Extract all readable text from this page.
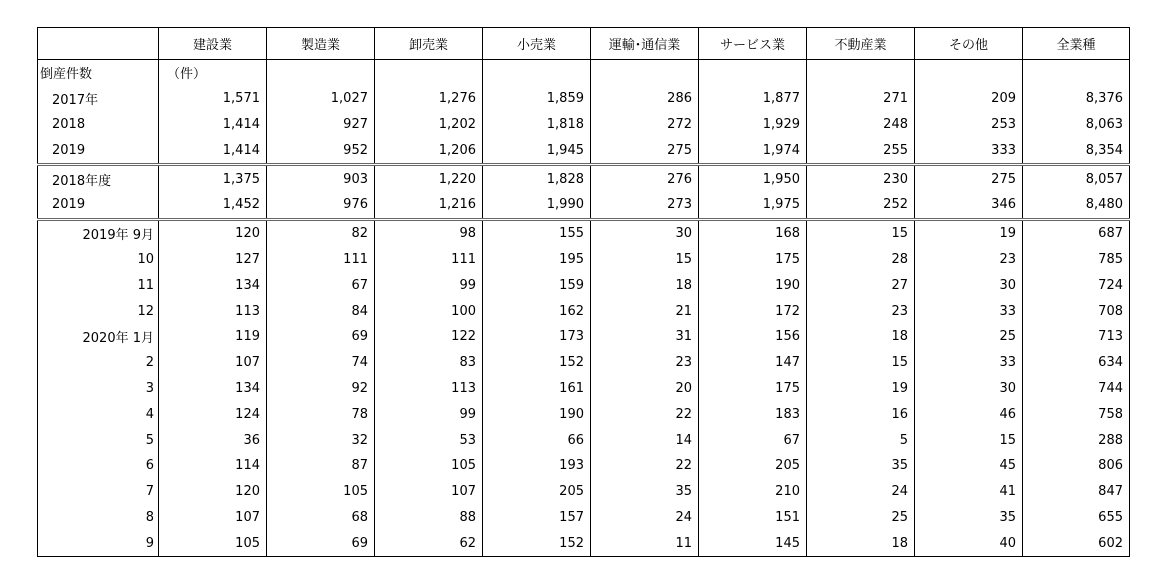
	建設業	製造業	卸売業	小売業	運輸･通信業	サービス業	不動産業	その他	全業種
倒産件数	（件）								
2017年	1,571	1,027	1,276	1,859	286	1,877	271	209	8,376
2018	1,414	927	1,202	1,818	272	1,929	248	253	8,063
2019	1,414	952	1,206	1,945	275	1,974	255	333	8,354
2018年度	1,375	903	1,220	1,828	276	1,950	230	275	8,057
2019	1,452	976	1,216	1,990	273	1,975	252	346	8,480
2019年 9月	120	82	98	155	30	168	15	19	687
10	127	111	111	195	15	175	28	23	785
11	134	67	99	159	18	190	27	30	724
12	113	84	100	162	21	172	23	33	708
2020年 1月	119	69	122	173	31	156	18	25	713
2	107	74	83	152	23	147	15	33	634
3	134	92	113	161	20	175	19	30	744
4	124	78	99	190	22	183	16	46	758
5	36	32	53	66	14	67	5	15	288
6	114	87	105	193	22	205	35	45	806
7	120	105	107	205	35	210	24	41	847
8	107	68	88	157	24	151	25	35	655
9	105	69	62	152	11	145	18	40	602
